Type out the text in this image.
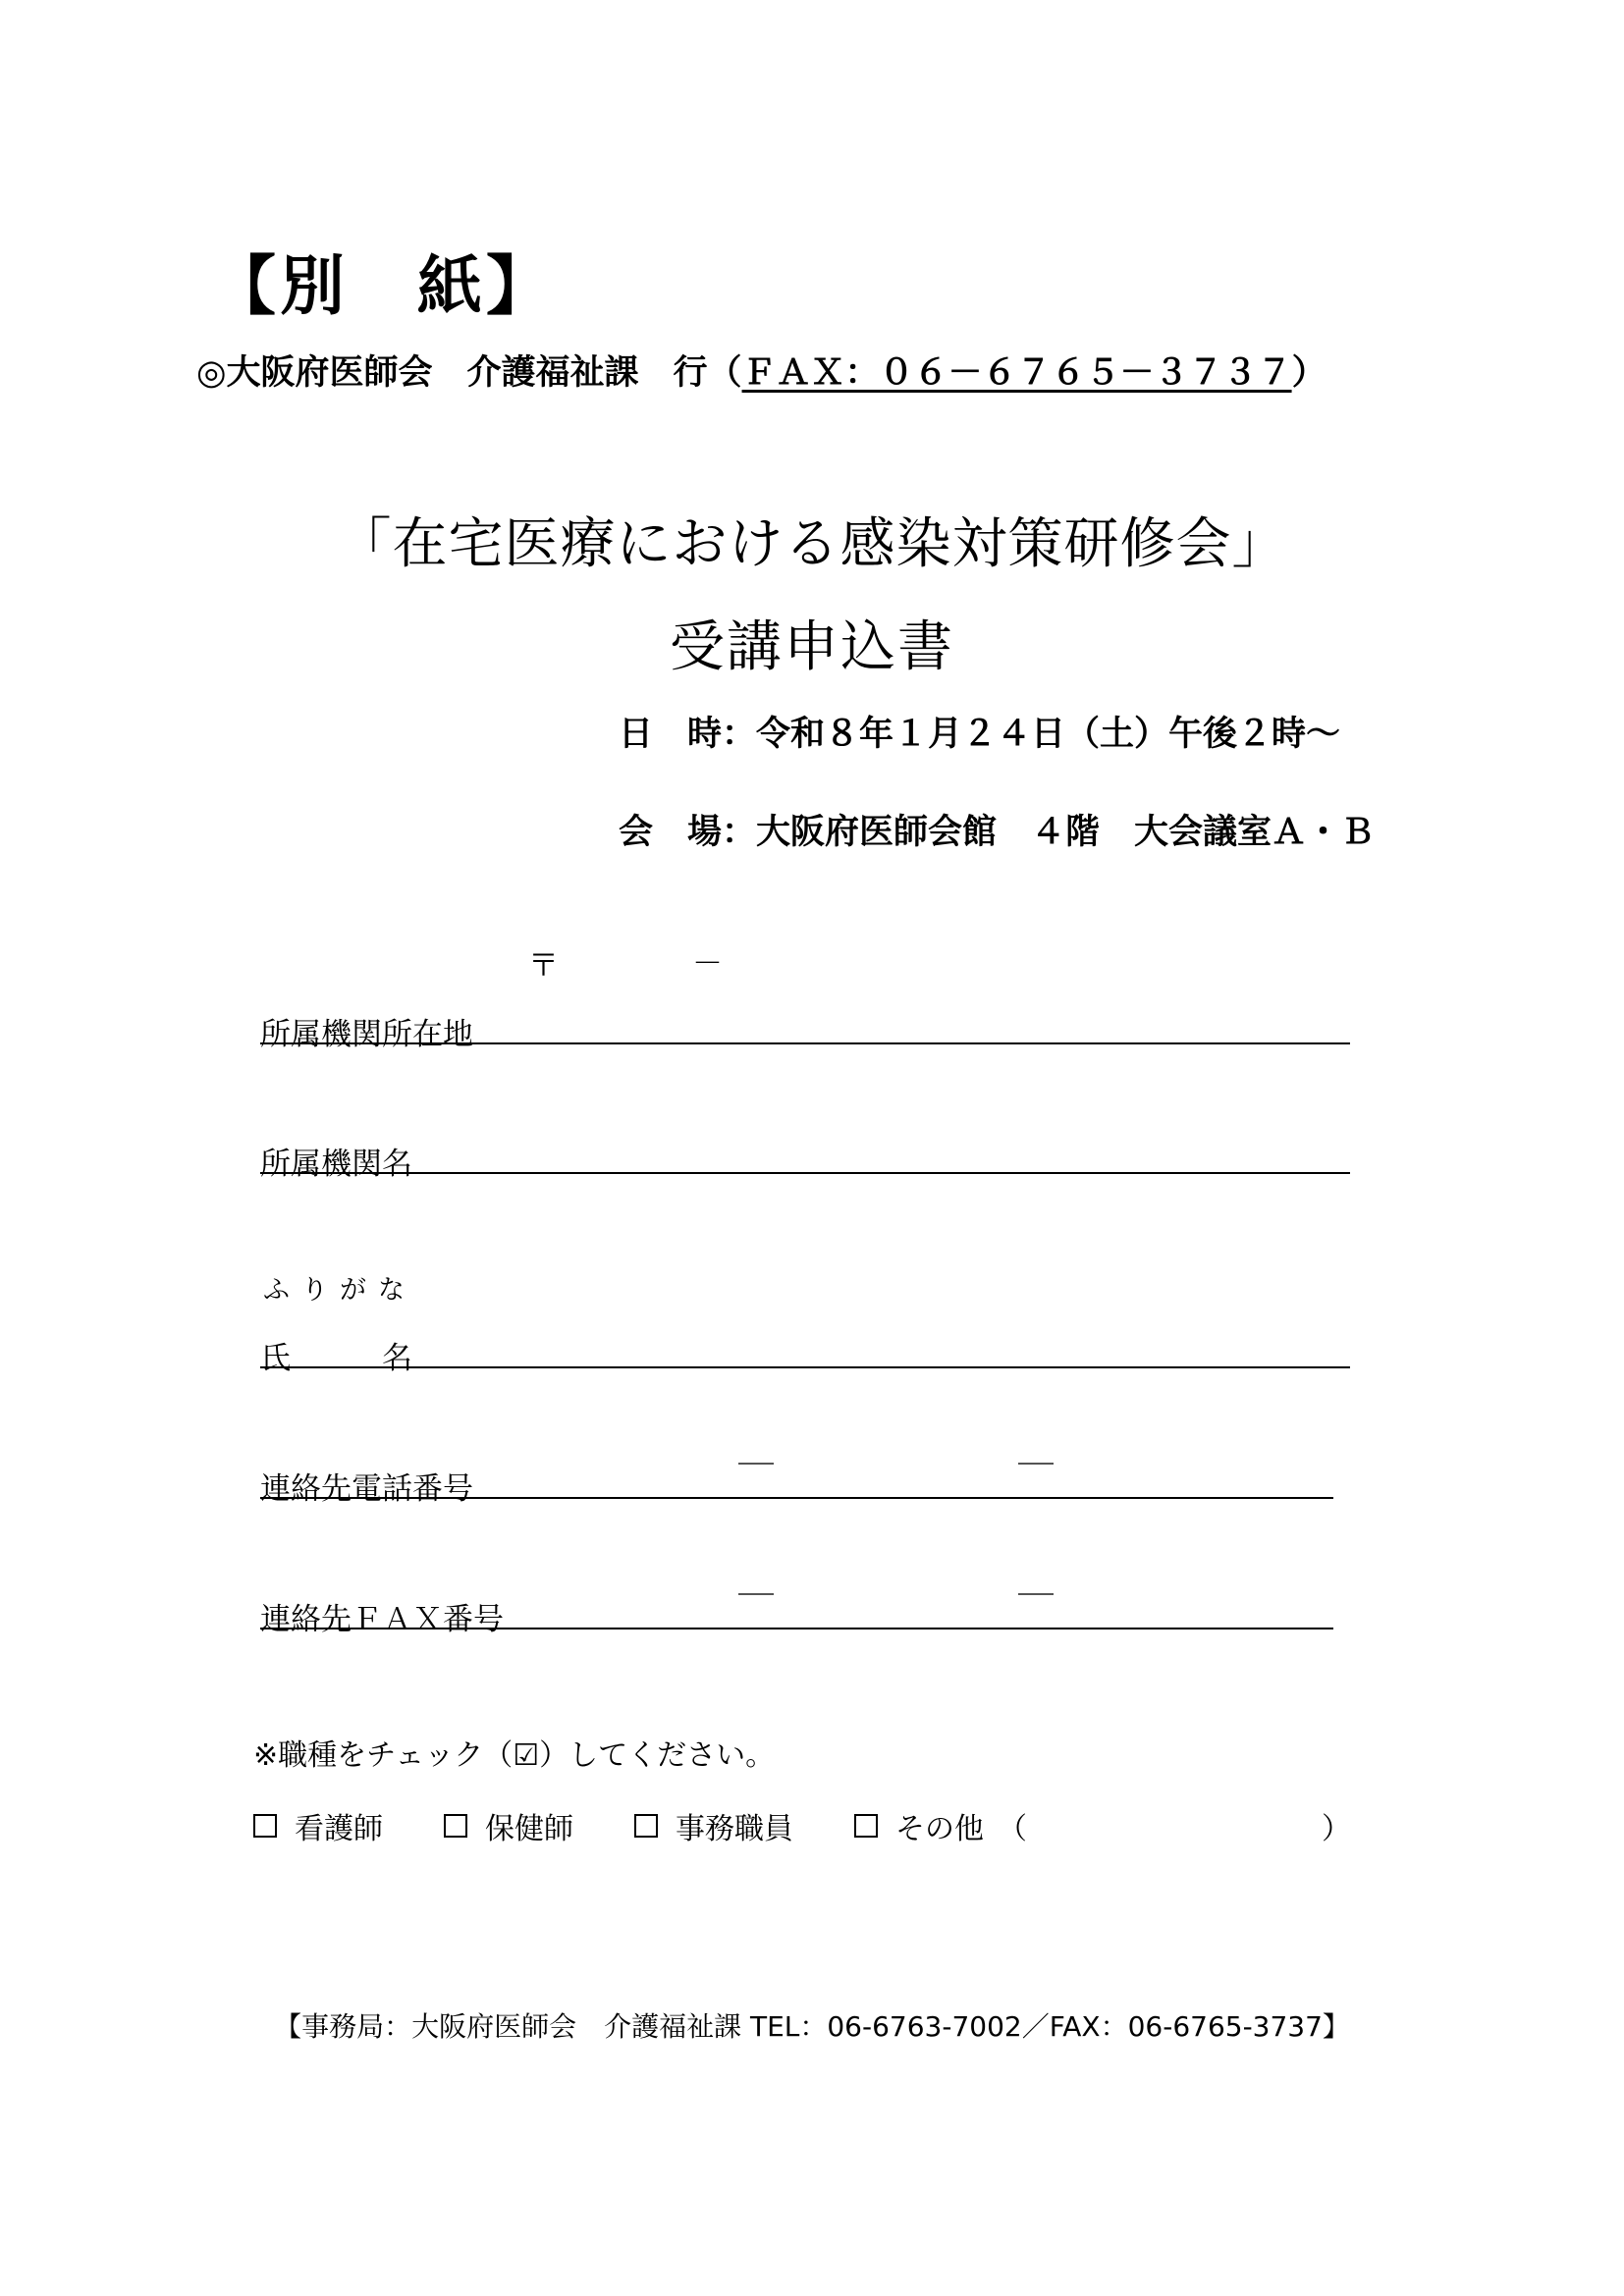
【別　紙】
◎大阪府医師会　介護福祉課　行（ＦＡＸ：０６－６７６５－３７３７）
「在宅医療における感染対策研修会」
受講申込書
日　時：令和８年１月２４日（土）午後２時～
会　場：大阪府医師会館　４階　大会議室Ａ・Ｂ
〒	－
所属機関所在地
所属機関名
ふりがな
氏　　　名
連絡先電話番号
連絡先ＦＡＸ番号
※職種をチェック（☑）してください。
看護師	保健師	事務職員	その他 （	）
【事務局：大阪府医師会　介護福祉課 TEL：06-6763-7002／FAX：06-6765-3737】
